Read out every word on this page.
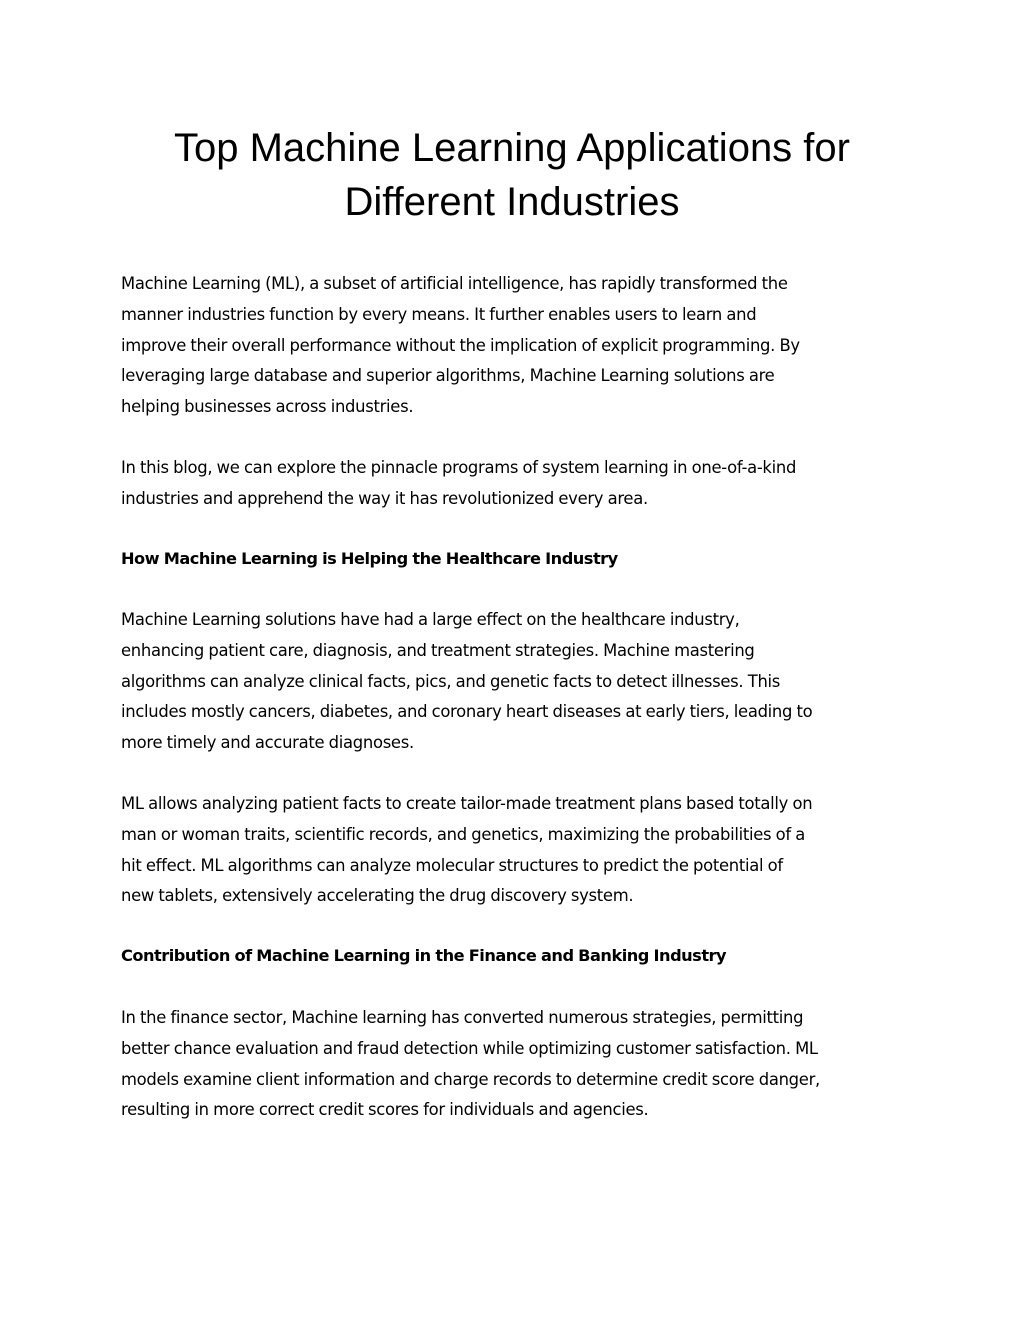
Top Machine Learning Applications for
Different Industries

Machine Learning (ML), a subset of artificial intelligence, has rapidly transformed the
manner industries function by every means. It further enables users to learn and
improve their overall performance without the implication of explicit programming. By
leveraging large database and superior algorithms, Machine Learning solutions are
helping businesses across industries.

In this blog, we can explore the pinnacle programs of system learning in one-of-a-kind
industries and apprehend the way it has revolutionized every area.

How Machine Learning is Helping the Healthcare Industry

Machine Learning solutions have had a large effect on the healthcare industry,
enhancing patient care, diagnosis, and treatment strategies. Machine mastering
algorithms can analyze clinical facts, pics, and genetic facts to detect illnesses. This
includes mostly cancers, diabetes, and coronary heart diseases at early tiers, leading to
more timely and accurate diagnoses.

ML allows analyzing patient facts to create tailor-made treatment plans based totally on
man or woman traits, scientific records, and genetics, maximizing the probabilities of a
hit effect. ML algorithms can analyze molecular structures to predict the potential of
new tablets, extensively accelerating the drug discovery system.

Contribution of Machine Learning in the Finance and Banking Industry

In the finance sector, Machine learning has converted numerous strategies, permitting
better chance evaluation and fraud detection while optimizing customer satisfaction. ML
models examine client information and charge records to determine credit score danger,
resulting in more correct credit scores for individuals and agencies.
